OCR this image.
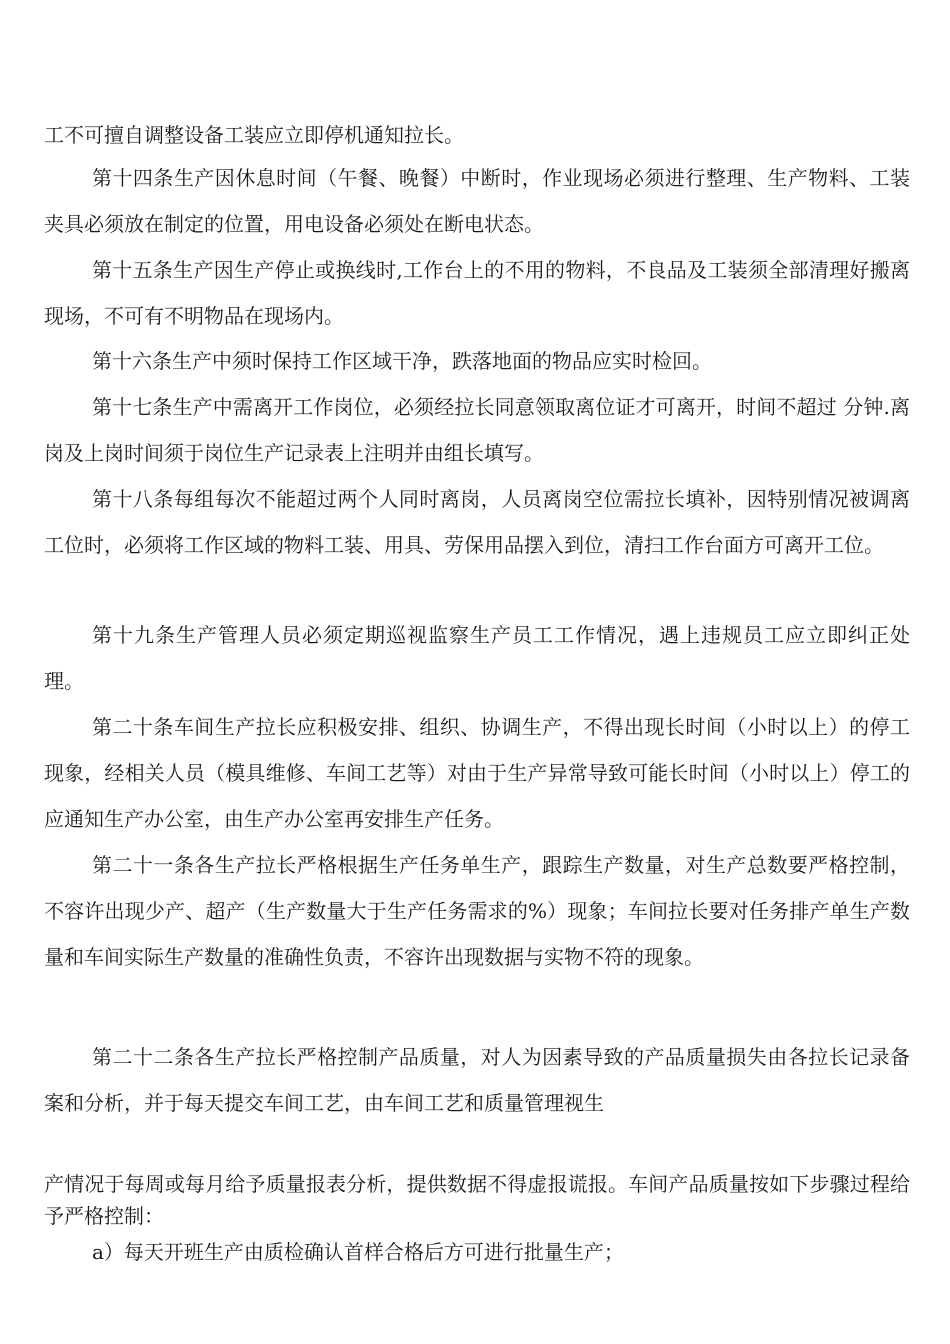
工不可擅自调整设备工装应立即停机通知拉长。

第十四条生产因休息时间（午餐、晚餐）中断时，作业现场必须进行整理、生产物料、工装夹具必须放在制定的位置，用电设备必须处在断电状态。

第十五条生产因生产停止或换线时,工作台上的不用的物料，不良品及工装须全部清理好搬离现场，不可有不明物品在现场内。

第十六条生产中须时保持工作区域干净，跌落地面的物品应实时检回。

第十七条生产中需离开工作岗位，必须经拉长同意领取离位证才可离开，时间不超过 分钟.离岗及上岗时间须于岗位生产记录表上注明并由组长填写。

第十八条每组每次不能超过两个人同时离岗，人员离岗空位需拉长填补，因特别情况被调离工位时，必须将工作区域的物料工装、用具、劳保用品摆入到位，清扫工作台面方可离开工位。

第十九条生产管理人员必须定期巡视监察生产员工工作情况，遇上违规员工应立即纠正处理。

第二十条车间生产拉长应积极安排、组织、协调生产，不得出现长时间（小时以上）的停工现象，经相关人员（模具维修、车间工艺等）对由于生产异常导致可能长时间（小时以上）停工的应通知生产办公室，由生产办公室再安排生产任务。

第二十一条各生产拉长严格根据生产任务单生产，跟踪生产数量，对生产总数要严格控制，不容许出现少产、超产（生产数量大于生产任务需求的%）现象；车间拉长要对任务排产单生产数量和车间实际生产数量的准确性负责，不容许出现数据与实物不符的现象。

第二十二条各生产拉长严格控制产品质量，对人为因素导致的产品质量损失由各拉长记录备案和分析，并于每天提交车间工艺，由车间工艺和质量管理视生

产情况于每周或每月给予质量报表分析，提供数据不得虚报谎报。车间产品质量按如下步骤过程给予严格控制：

a）每天开班生产由质检确认首样合格后方可进行批量生产；
